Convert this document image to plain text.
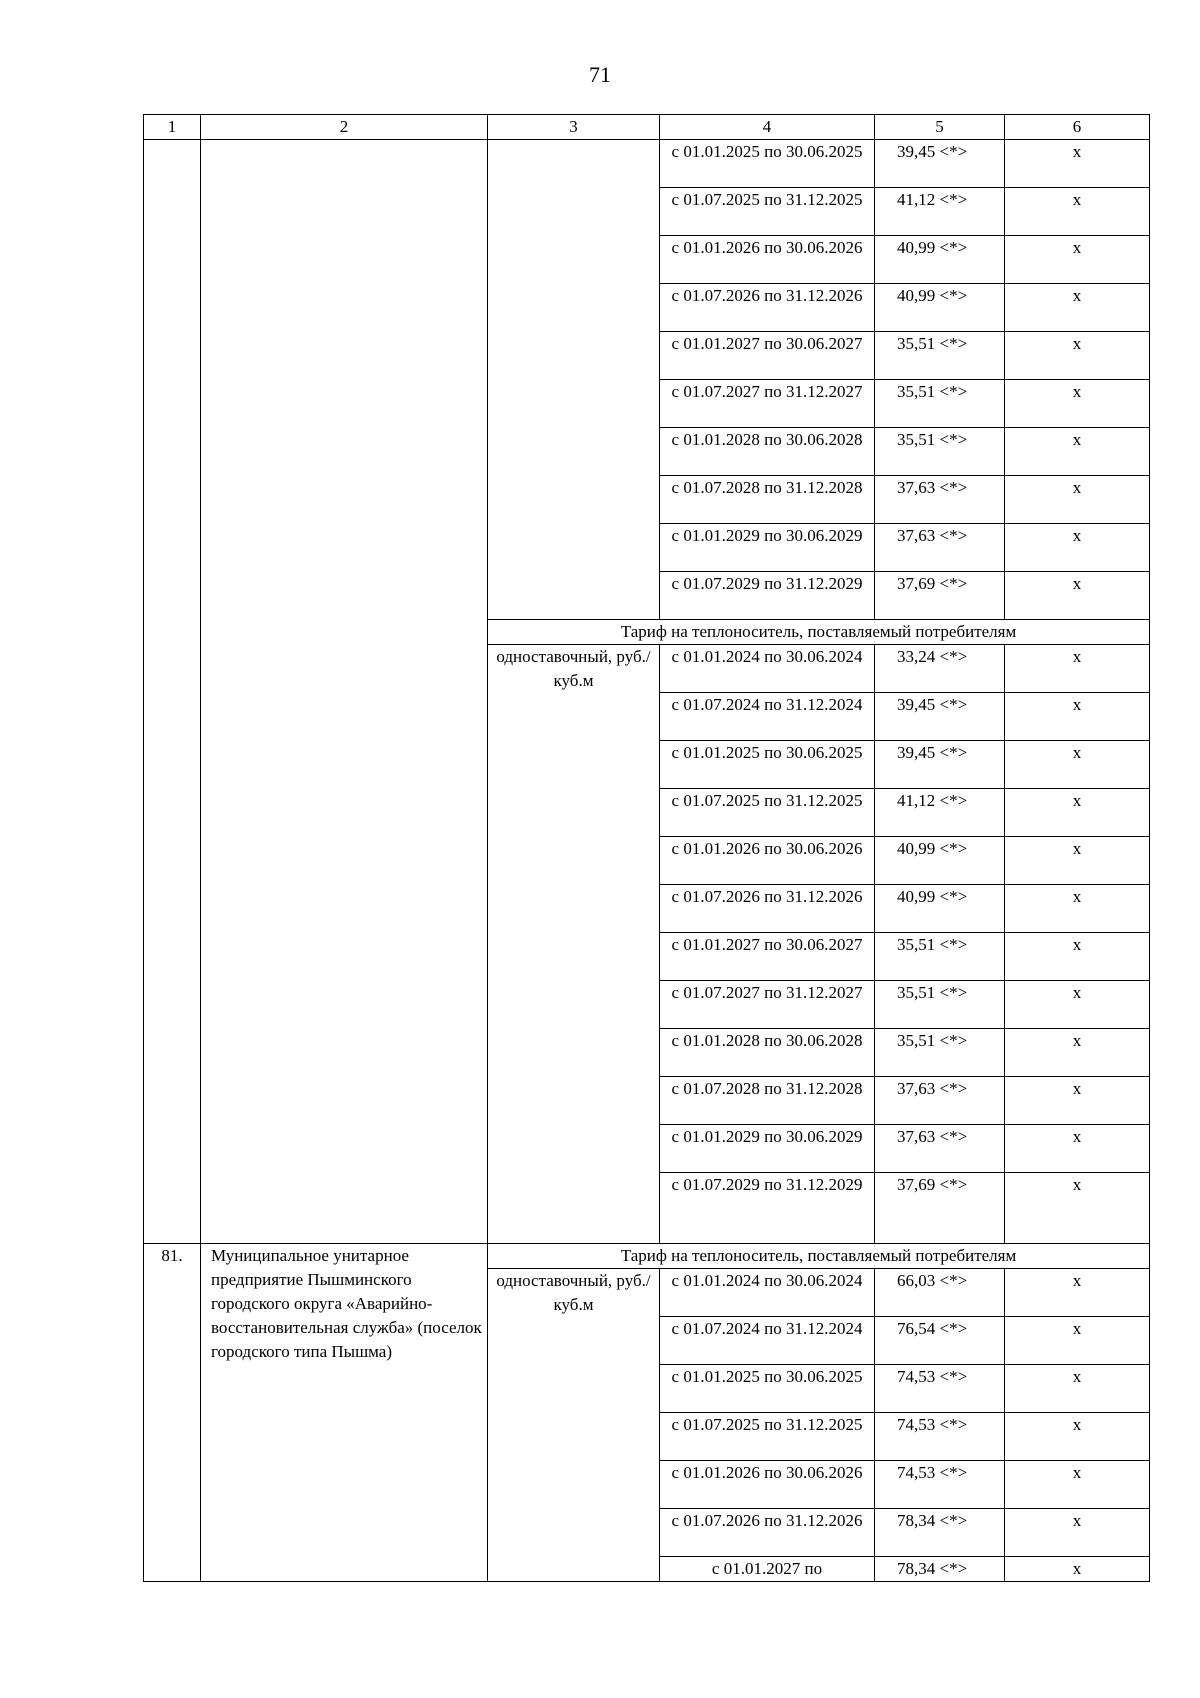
71
1	2	3	4	5	6
			с 01.01.2025 по 30.06.2025	39,45 <*>	х
			с 01.07.2025 по 31.12.2025	41,12 <*>	х
			с 01.01.2026 по 30.06.2026	40,99 <*>	х
			с 01.07.2026 по 31.12.2026	40,99 <*>	х
			с 01.01.2027 по 30.06.2027	35,51 <*>	х
			с 01.07.2027 по 31.12.2027	35,51 <*>	х
			с 01.01.2028 по 30.06.2028	35,51 <*>	х
			с 01.07.2028 по 31.12.2028	37,63 <*>	х
			с 01.01.2029 по 30.06.2029	37,63 <*>	х
			с 01.07.2029 по 31.12.2029	37,69 <*>	х
		Тариф на теплоноситель, поставляемый потребителям			
		одноставочный, руб./куб.м	с 01.01.2024 по 30.06.2024	33,24 <*>	х
			с 01.07.2024 по 31.12.2024	39,45 <*>	х
			с 01.01.2025 по 30.06.2025	39,45 <*>	х
			с 01.07.2025 по 31.12.2025	41,12 <*>	х
			с 01.01.2026 по 30.06.2026	40,99 <*>	х
			с 01.07.2026 по 31.12.2026	40,99 <*>	х
			с 01.01.2027 по 30.06.2027	35,51 <*>	х
			с 01.07.2027 по 31.12.2027	35,51 <*>	х
			с 01.01.2028 по 30.06.2028	35,51 <*>	х
			с 01.07.2028 по 31.12.2028	37,63 <*>	х
			с 01.01.2029 по 30.06.2029	37,63 <*>	х
			с 01.07.2029 по 31.12.2029	37,69 <*>	х

81.	Муниципальное унитарное предприятие Пышминского городского округа «Аварийно-восстановительная служба» (поселок городского типа Пышма)	Тариф на теплоноситель, поставляемый потребителям			
		одноставочный, руб./куб.м	с 01.01.2024 по 30.06.2024	66,03 <*>	х
			с 01.07.2024 по 31.12.2024	76,54 <*>	х
			с 01.01.2025 по 30.06.2025	74,53 <*>	х
			с 01.07.2025 по 31.12.2025	74,53 <*>	х
			с 01.01.2026 по 30.06.2026	74,53 <*>	х
			с 01.07.2026 по 31.12.2026	78,34 <*>	х
			с 01.01.2027 по	78,34 <*>	х
